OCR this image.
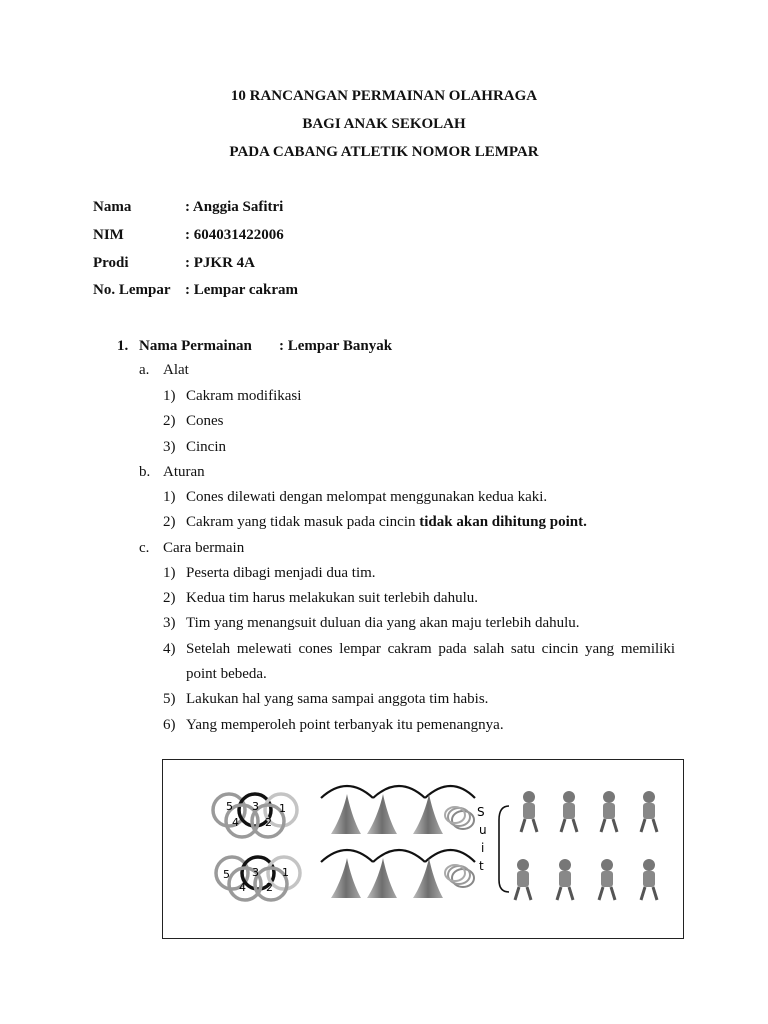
10 RANCANGAN PERMAINAN OLAHRAGA
BAGI ANAK SEKOLAH
PADA CABANG ATLETIK NOMOR LEMPAR
Nama	: Anggia Safitri
NIM	: 604031422006
Prodi	: PJKR 4A
No. Lempar : Lempar cakram
1. Nama Permainan : Lempar Banyak
a. Alat
1) Cakram modifikasi
2) Cones
3) Cincin
b. Aturan
1) Cones dilewati dengan melompat menggunakan kedua kaki.
2) Cakram yang tidak masuk pada cincin tidak akan dihitung point.
c. Cara bermain
1) Peserta dibagi menjadi dua tim.
2) Kedua tim harus melakukan suit terlebih dahulu.
3) Tim yang menangsuit duluan dia yang akan maju terlebih dahulu.
4) Setelah melewati cones lempar cakram pada salah satu cincin yang memiliki
point bebeda.
5) Lakukan hal yang sama sampai anggota tim habis.
6) Yang memperoleh point terbanyak itu pemenangnya.
5 3 1
4 2
5 3 1
4 2
S
u
i
t
